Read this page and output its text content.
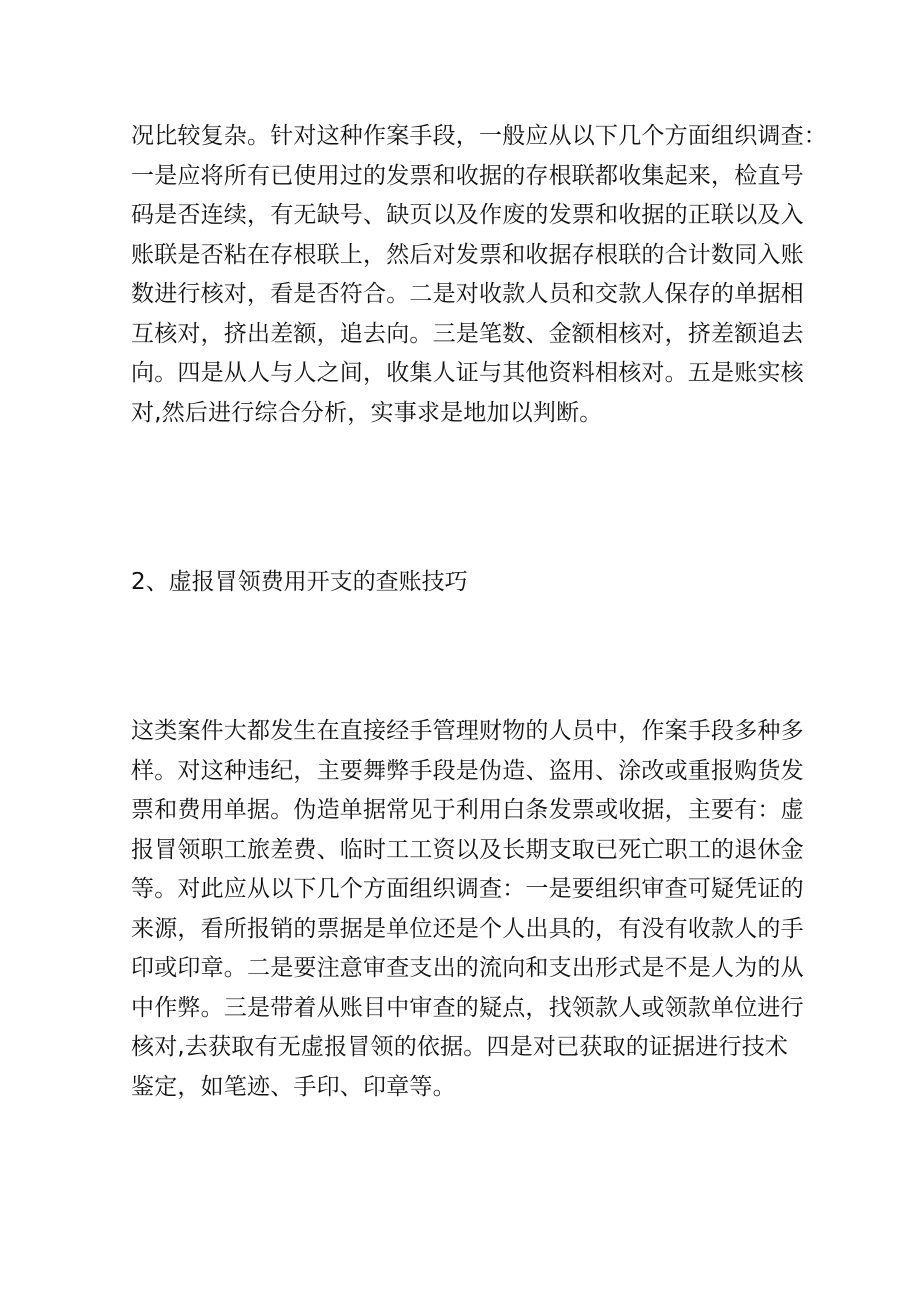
况比较复杂。针对这种作案手段，一般应从以下几个方面组织调查：
一是应将所有已使用过的发票和收据的存根联都收集起来，检直号
码是否连续，有无缺号、缺页以及作废的发票和收据的正联以及入
账联是否粘在存根联上，然后对发票和收据存根联的合计数同入账
数进行核对，看是否符合。二是对收款人员和交款人保存的单据相
互核对，挤出差额，追去向。三是笔数、金额相核对，挤差额追去
向。四是从人与人之间，收集人证与其他资料相核对。五是账实核
对,然后进行综合分析，实事求是地加以判断。
2、虚报冒领费用开支的查账技巧
这类案件大都发生在直接经手管理财物的人员中，作案手段多种多
样。对这种违纪，主要舞弊手段是伪造、盗用、涂改或重报购货发
票和费用单据。伪造单据常见于利用白条发票或收据，主要有：虚
报冒领职工旅差费、临时工工资以及长期支取已死亡职工的退休金
等。对此应从以下几个方面组织调查：一是要组织审查可疑凭证的
来源，看所报销的票据是单位还是个人出具的，有没有收款人的手
印或印章。二是要注意审查支出的流向和支出形式是不是人为的从
中作弊。三是带着从账目中审查的疑点，找领款人或领款单位进行
核对,去获取有无虚报冒领的依据。四是对已获取的证据进行技术
鉴定，如笔迹、手印、印章等。
